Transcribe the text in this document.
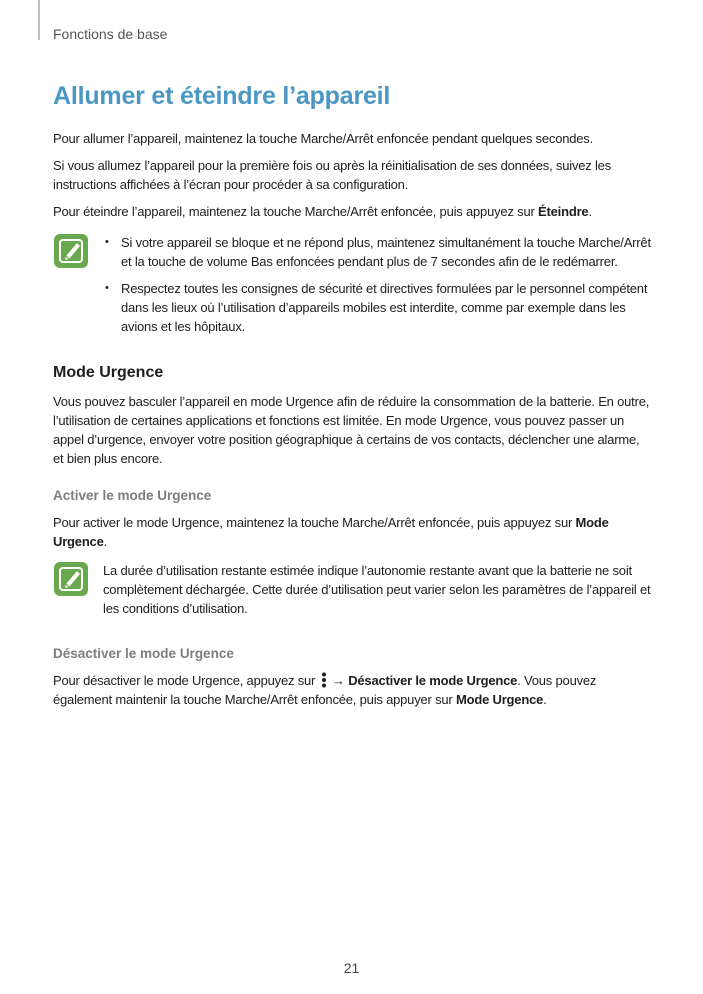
Fonctions de base
Allumer et éteindre l’appareil

Pour allumer l’appareil, maintenez la touche Marche/Arrêt enfoncée pendant quelques secondes.

Si vous allumez l’appareil pour la première fois ou après la réinitialisation de ses données, suivez les instructions affichées à l’écran pour procéder à sa configuration.

Pour éteindre l’appareil, maintenez la touche Marche/Arrêt enfoncée, puis appuyez sur Éteindre.

• Si votre appareil se bloque et ne répond plus, maintenez simultanément la touche Marche/Arrêt et la touche de volume Bas enfoncées pendant plus de 7 secondes afin de le redémarrer.
• Respectez toutes les consignes de sécurité et directives formulées par le personnel compétent dans les lieux où l’utilisation d’appareils mobiles est interdite, comme par exemple dans les avions et les hôpitaux.
Mode Urgence

Vous pouvez basculer l’appareil en mode Urgence afin de réduire la consommation de la batterie. En outre, l’utilisation de certaines applications et fonctions est limitée. En mode Urgence, vous pouvez passer un appel d’urgence, envoyer votre position géographique à certains de vos contacts, déclencher une alarme, et bien plus encore.

Activer le mode Urgence

Pour activer le mode Urgence, maintenez la touche Marche/Arrêt enfoncée, puis appuyez sur Mode Urgence.

La durée d’utilisation restante estimée indique l’autonomie restante avant que la batterie ne soit complètement déchargée. Cette durée d’utilisation peut varier selon les paramètres de l’appareil et les conditions d’utilisation.

Désactiver le mode Urgence

Pour désactiver le mode Urgence, appuyez sur  → Désactiver le mode Urgence. Vous pouvez également maintenir la touche Marche/Arrêt enfoncée, puis appuyer sur Mode Urgence.

21
